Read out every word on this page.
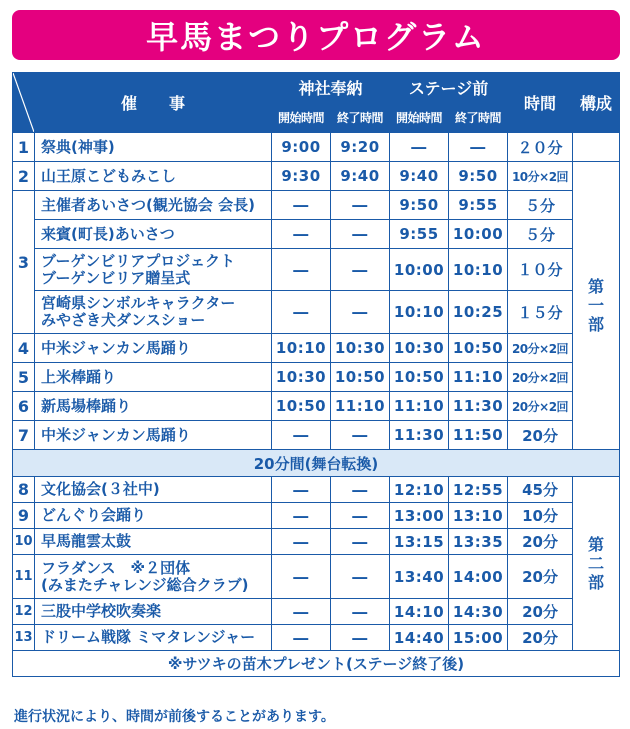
早馬まつりプログラム
	催　　事	神社奉納		ステージ前		時間	構成
		開始時間	終了時間	開始時間	終了時間		
1	祭典(神事)	9:00	9:20	―	―	２０分	
2	山王原こどもみこし	9:30	9:40	9:40	9:50	10分×2回	第
一
部
3	主催者あいさつ(観光協会 会長)	―	―	9:50	9:55	５分	
	来賓(町長)あいさつ	―	―	9:55	10:00	５分	
	ブーゲンビリアプロジェクト
ブーゲンビリア贈呈式	―	―	10:00	10:10	１０分	
	宮崎県シンボルキャラクター
みやざき犬ダンスショー	―	―	10:10	10:25	１５分	
4	中米ジャンカン馬踊り	10:10	10:30	10:30	10:50	20分×2回	
5	上米棒踊り	10:30	10:50	10:50	11:10	20分×2回	
6	新馬場棒踊り	10:50	11:10	11:10	11:30	20分×2回	
7	中米ジャンカン馬踊り	―	―	11:30	11:50	20分	
20分間(舞台転換)							
8	文化協会(３社中)	―	―	12:10	12:55	45分	第
二
部
9	どんぐり会踊り	―	―	13:00	13:10	10分	
10	早馬龍雲太鼓	―	―	13:15	13:35	20分	
11	フラダンス　※２団体
(みまたチャレンジ総合クラブ)	―	―	13:40	14:00	20分	
12	三股中学校吹奏楽	―	―	14:10	14:30	20分	
13	ドリーム戦隊 ミマタレンジャー	―	―	14:40	15:00	20分	
※サツキの苗木プレゼント(ステージ終了後)							
進行状況により、時間が前後することがあります。
